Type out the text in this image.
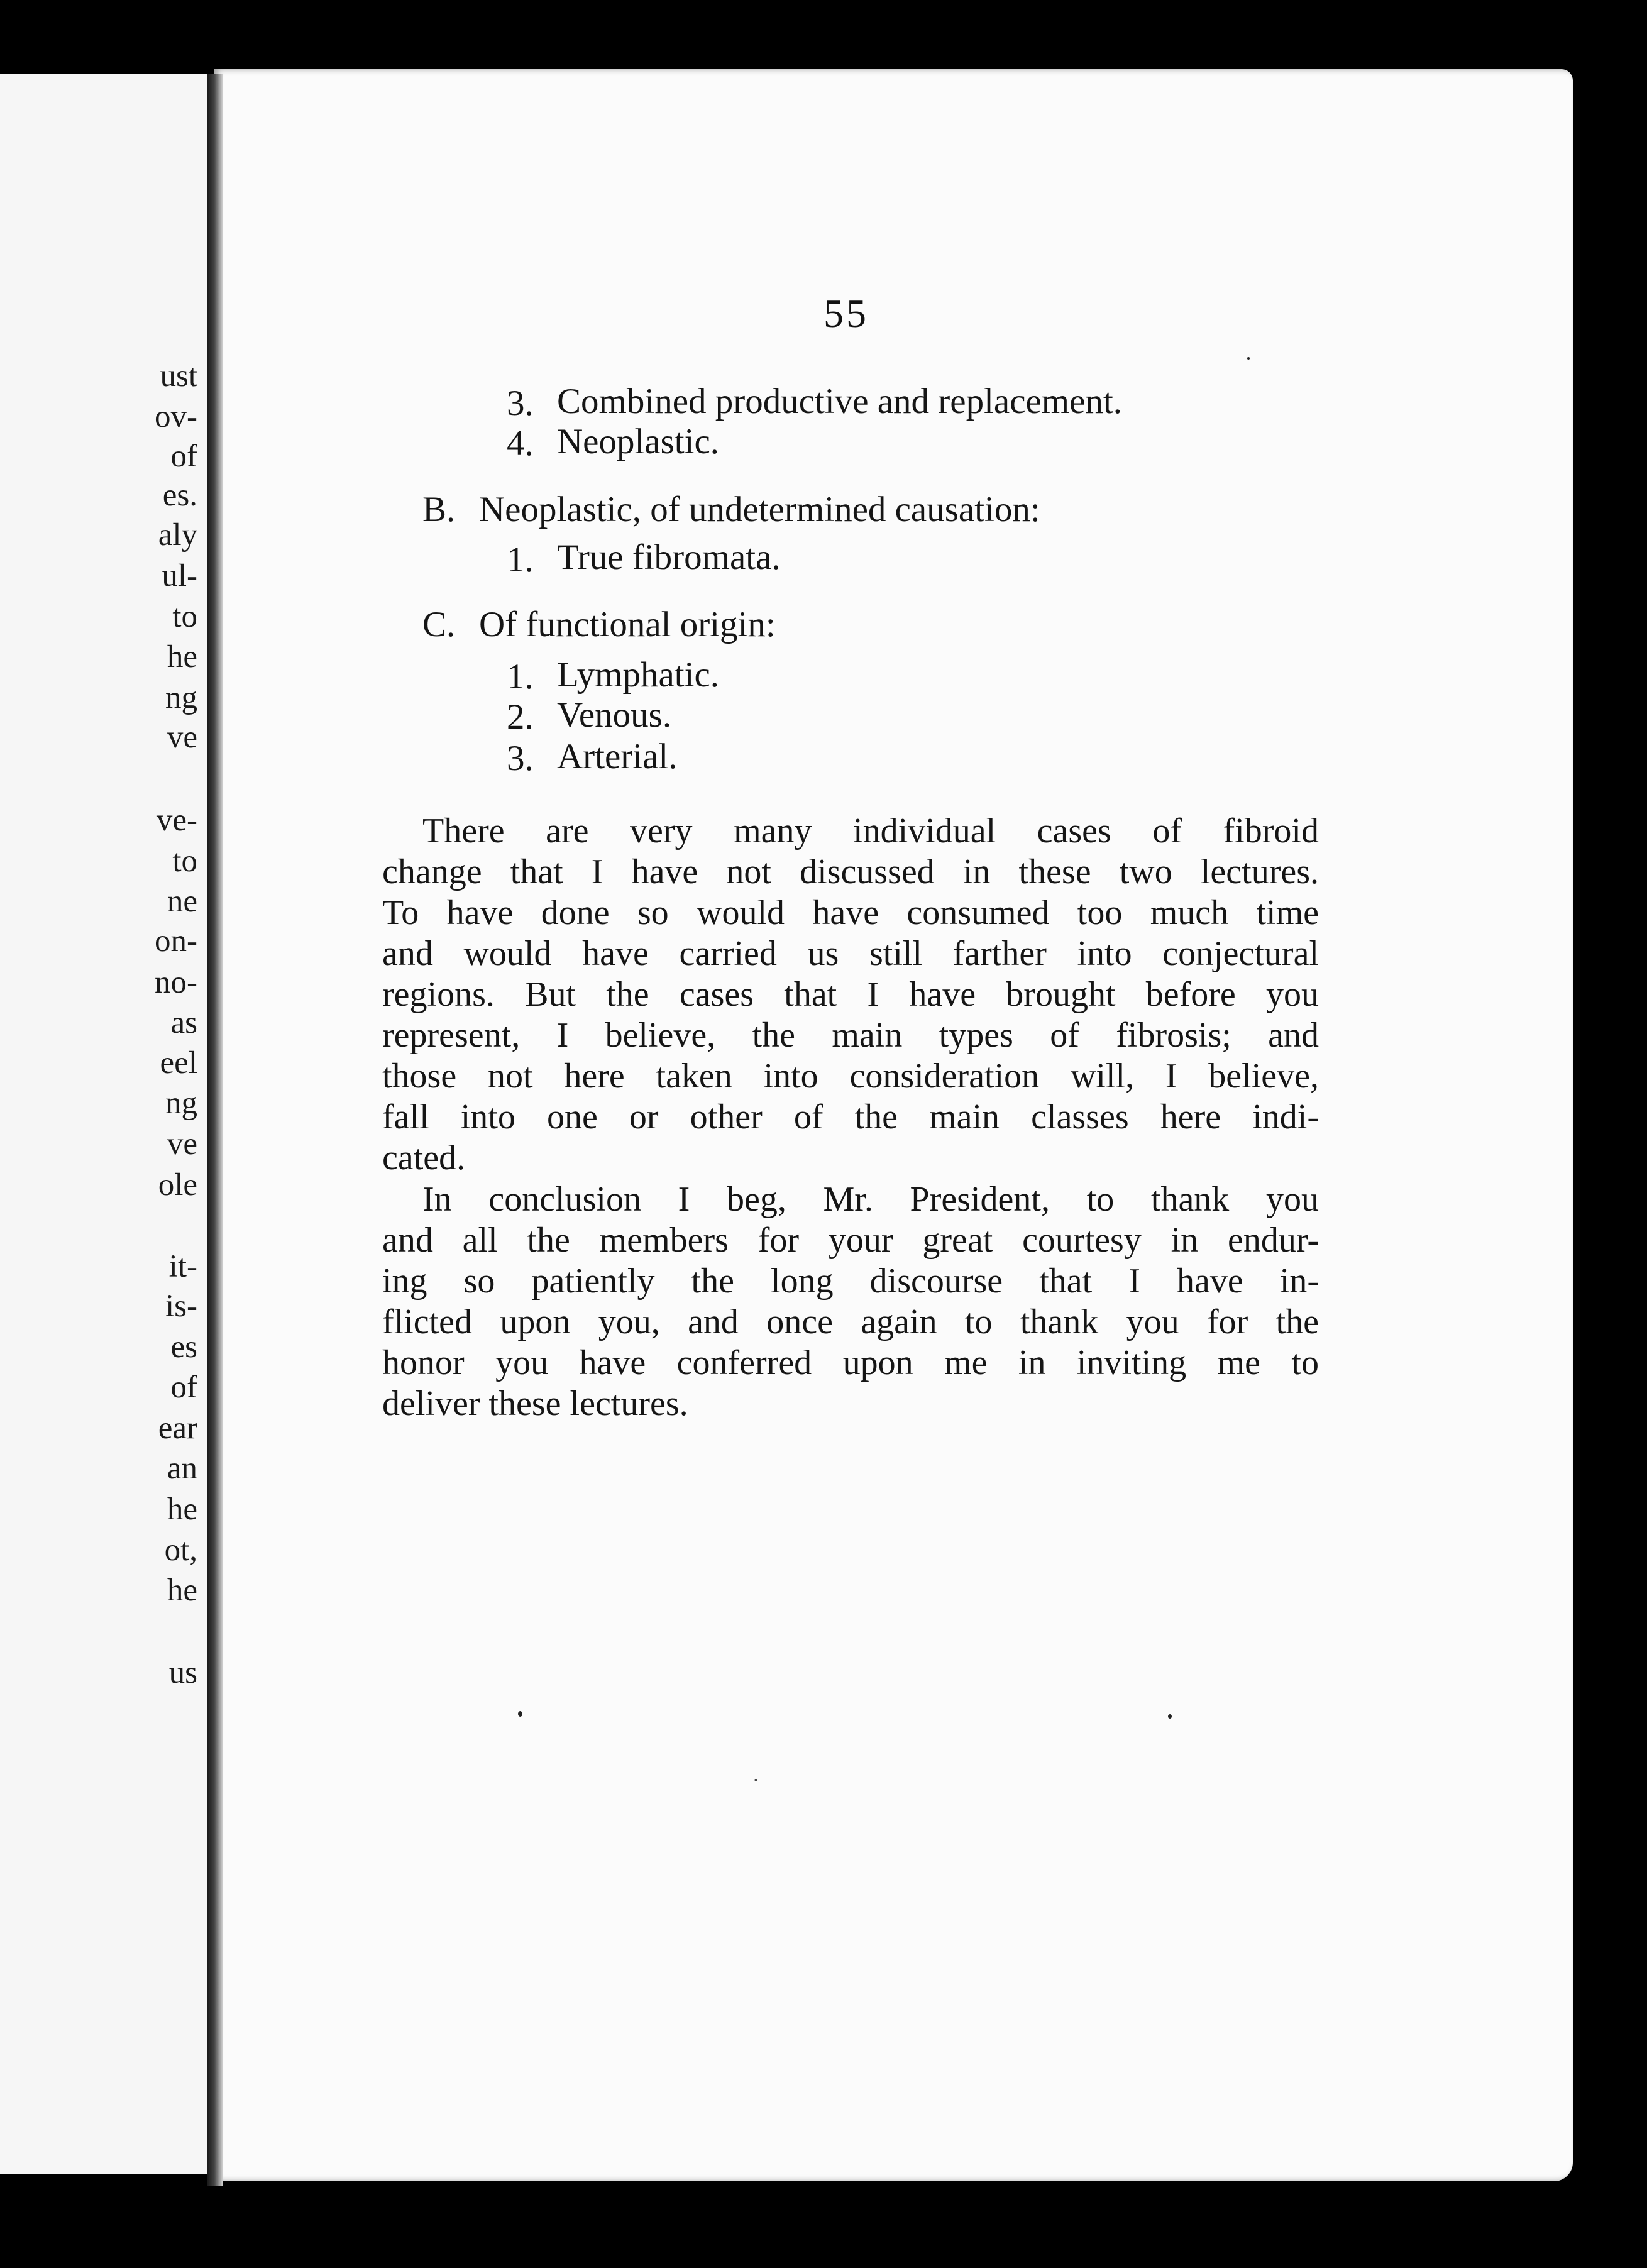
ust
ov-
of
es.
aly
ul-
to
he
ng
ve
ve-
to
ne
on-
no-
as
eel
ng
ve
ole
it-
is-
es
of
ear
an
he
ot,
he
us
55
3. Combined productive and replacement.
4. Neoplastic.
B. Neoplastic, of undetermined causation:
1. True fibromata.
C. Of functional origin:
1. Lymphatic.
2. Venous.
3. Arterial.
There are very many individual cases of fibroid
change that I have not discussed in these two lectures.
To have done so would have consumed too much time
and would have carried us still farther into conjectural
regions. But the cases that I have brought before you
represent, I believe, the main types of fibrosis; and
those not here taken into consideration will, I believe,
fall into one or other of the main classes here indi-
cated.
In conclusion I beg, Mr. President, to thank you
and all the members for your great courtesy in endur-
ing so patiently the long discourse that I have in-
flicted upon you, and once again to thank you for the
honor you have conferred upon me in inviting me to
deliver these lectures.
